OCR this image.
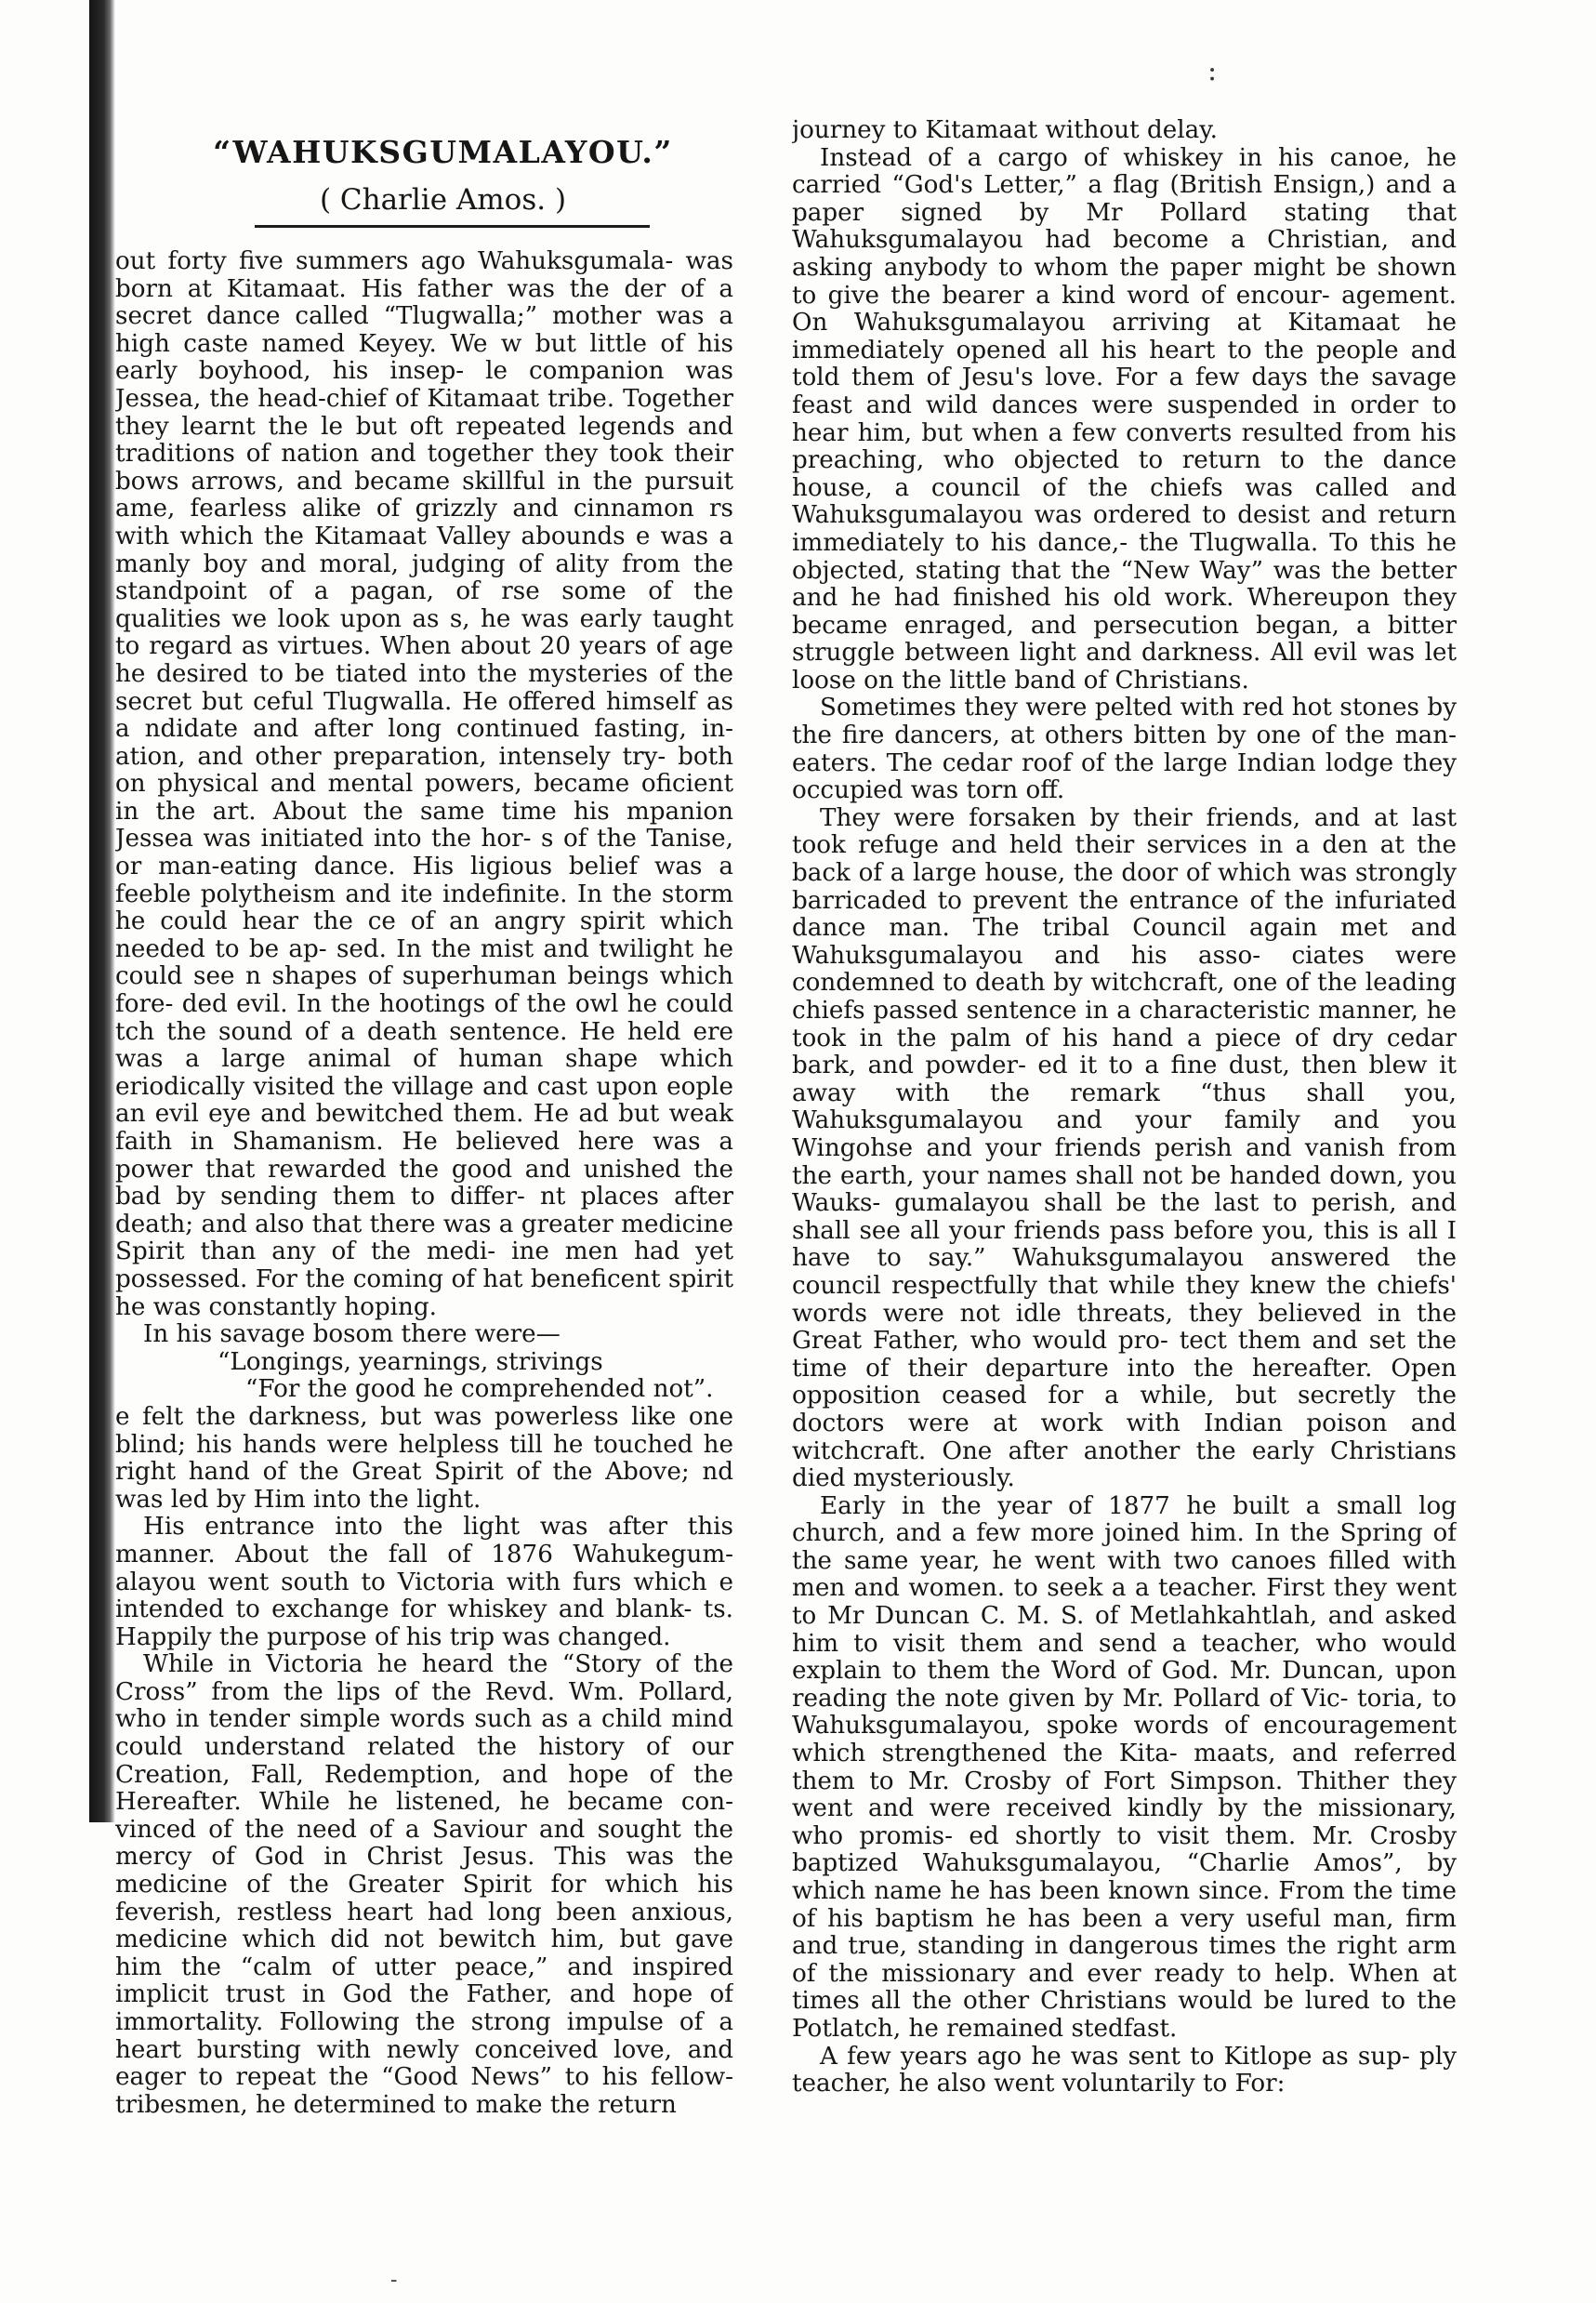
:
“WAHUKSGUMALAYOU.”
( Charlie Amos. )

out forty five summers ago Wahuksgumala- was born at Kitamaat. His father was the der of a secret dance called “Tlugwalla;” mother was a high caste named Keyey. We w but little of his early boyhood, his insep- le companion was Jessea, the head-chief of Kitamaat tribe. Together they learnt the le but oft repeated legends and traditions of nation and together they took their bows arrows, and became skillful in the pursuit ame, fearless alike of grizzly and cinnamon rs with which the Kitamaat Valley abounds e was a manly boy and moral, judging of ality from the standpoint of a pagan, of rse some of the qualities we look upon as s, he was early taught to regard as virtues. When about 20 years of age he desired to be tiated into the mysteries of the secret but ceful Tlugwalla. He offered himself as a ndidate and after long continued fasting, in- ation, and other preparation, intensely try- both on physical and mental powers, became oficient in the art. About the same time his mpanion Jessea was initiated into the hor- s of the Tanise, or man-eating dance. His ligious belief was a feeble polytheism and ite indefinite. In the storm he could hear the ce of an angry spirit which needed to be ap- sed. In the mist and twilight he could see n shapes of superhuman beings which fore- ded evil. In the hootings of the owl he could tch the sound of a death sentence. He held ere was a large animal of human shape which eriodically visited the village and cast upon eople an evil eye and bewitched them. He ad but weak faith in Shamanism. He believed here was a power that rewarded the good and unished the bad by sending them to differ- nt places after death; and also that there was a greater medicine Spirit than any of the medi- ine men had yet possessed. For the coming of hat beneficent spirit he was constantly hoping.

In his savage bosom there were—

“Longings, yearnings, strivings

“For the good he comprehended not”.

e felt the darkness, but was powerless like one blind; his hands were helpless till he touched he right hand of the Great Spirit of the Above; nd was led by Him into the light.

His entrance into the light was after this manner. About the fall of 1876 Wahukegum- alayou went south to Victoria with furs which e intended to exchange for whiskey and blank- ts. Happily the purpose of his trip was changed.

While in Victoria he heard the “Story of the Cross” from the lips of the Revd. Wm. Pollard, who in tender simple words such as a child mind could understand related the history of our Creation, Fall, Redemption, and hope of the Hereafter. While he listened, he became con- vinced of the need of a Saviour and sought the mercy of God in Christ Jesus. This was the medicine of the Greater Spirit for which his feverish, restless heart had long been anxious, medicine which did not bewitch him, but gave him the “calm of utter peace,” and inspired implicit trust in God the Father, and hope of immortality. Following the strong impulse of a heart bursting with newly conceived love, and eager to repeat the “Good News” to his fellow- tribesmen, he determined to make the return

journey to Kitamaat without delay.

Instead of a cargo of whiskey in his canoe, he carried “God's Letter,” a flag (British Ensign,) and a paper signed by Mr Pollard stating that Wahuksgumalayou had become a Christian, and asking anybody to whom the paper might be shown to give the bearer a kind word of encour- agement. On Wahuksgumalayou arriving at Kitamaat he immediately opened all his heart to the people and told them of Jesu's love. For a few days the savage feast and wild dances were suspended in order to hear him, but when a few converts resulted from his preaching, who objected to return to the dance house, a council of the chiefs was called and Wahuksgumalayou was ordered to desist and return immediately to his dance,- the Tlugwalla. To this he objected, stating that the “New Way” was the better and he had finished his old work. Whereupon they became enraged, and persecution began, a bitter struggle between light and darkness. All evil was let loose on the little band of Christians.

Sometimes they were pelted with red hot stones by the fire dancers, at others bitten by one of the man-eaters. The cedar roof of the large Indian lodge they occupied was torn off.

They were forsaken by their friends, and at last took refuge and held their services in a den at the back of a large house, the door of which was strongly barricaded to prevent the entrance of the infuriated dance man. The tribal Council again met and Wahuksgumalayou and his asso- ciates were condemned to death by witchcraft, one of the leading chiefs passed sentence in a characteristic manner, he took in the palm of his hand a piece of dry cedar bark, and powder- ed it to a fine dust, then blew it away with the remark “thus shall you, Wahuksgumalayou and your family and you Wingohse and your friends perish and vanish from the earth, your names shall not be handed down, you Wauks- gumalayou shall be the last to perish, and shall see all your friends pass before you, this is all I have to say.” Wahuksgumalayou answered the council respectfully that while they knew the chiefs' words were not idle threats, they believed in the Great Father, who would pro- tect them and set the time of their departure into the hereafter. Open opposition ceased for a while, but secretly the doctors were at work with Indian poison and witchcraft. One after another the early Christians died mysteriously.

Early in the year of 1877 he built a small log church, and a few more joined him. In the Spring of the same year, he went with two canoes filled with men and women. to seek a a teacher. First they went to Mr Duncan C. M. S. of Metlahkahtlah, and asked him to visit them and send a teacher, who would explain to them the Word of God. Mr. Duncan, upon reading the note given by Mr. Pollard of Vic- toria, to Wahuksgumalayou, spoke words of encouragement which strengthened the Kita- maats, and referred them to Mr. Crosby of Fort Simpson. Thither they went and were received kindly by the missionary, who promis- ed shortly to visit them. Mr. Crosby baptized Wahuksgumalayou, “Charlie Amos”, by which name he has been known since. From the time of his baptism he has been a very useful man, firm and true, standing in dangerous times the right arm of the missionary and ever ready to help. When at times all the other Christians would be lured to the Potlatch, he remained stedfast.

A few years ago he was sent to Kitlope as sup- ply teacher, he also went voluntarily to For:

-
